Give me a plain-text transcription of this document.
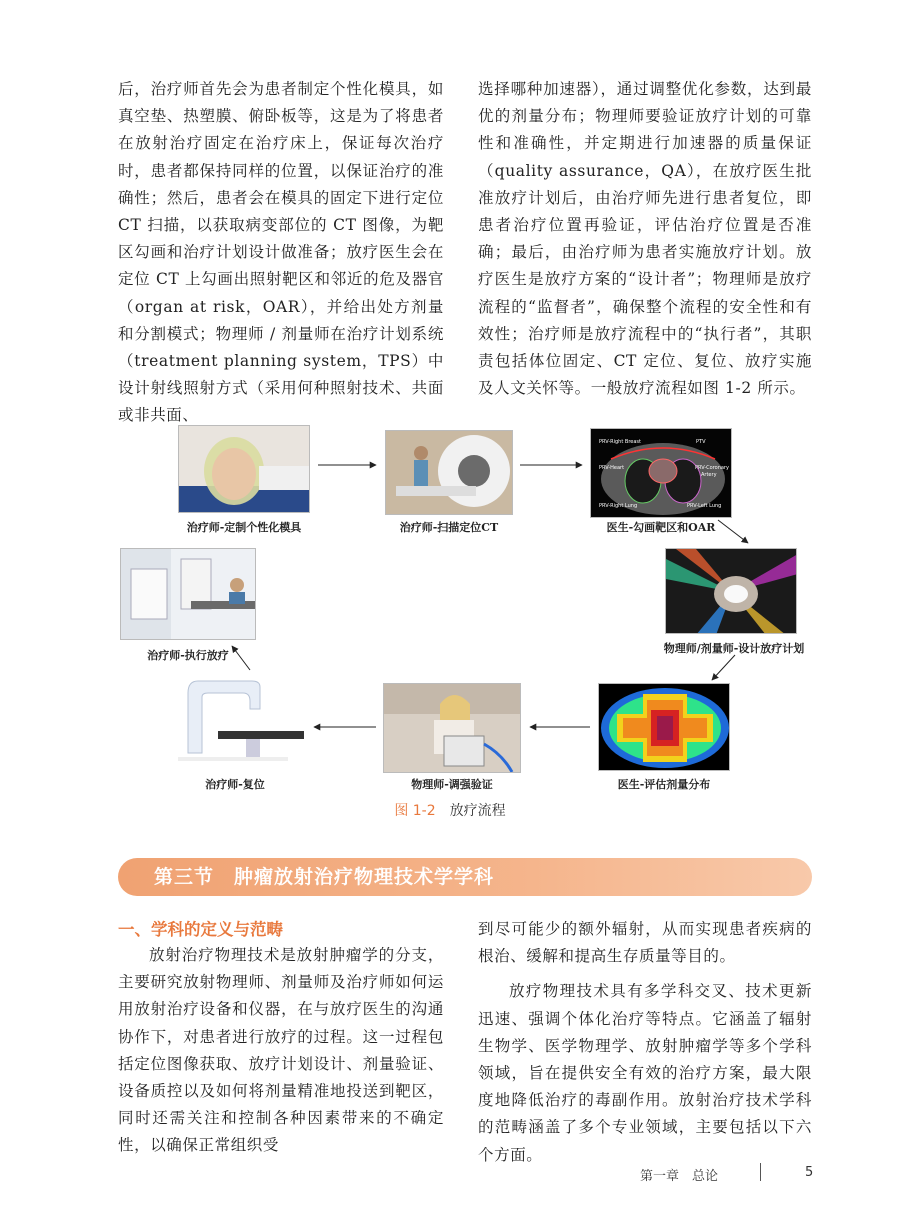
后，治疗师首先会为患者制定个性化模具，如真空垫、热塑膜、俯卧板等，这是为了将患者在放射治疗固定在治疗床上，保证每次治疗时，患者都保持同样的位置，以保证治疗的准确性；然后，患者会在模具的固定下进行定位 CT 扫描，以获取病变部位的 CT 图像，为靶区勾画和治疗计划设计做准备；放疗医生会在定位 CT 上勾画出照射靶区和邻近的危及器官（organ at risk，OAR），并给出处方剂量和分割模式；物理师 / 剂量师在治疗计划系统（treatment planning system，TPS）中设计射线照射方式（采用何种照射技术、共面或非共面、

选择哪种加速器），通过调整优化参数，达到最优的剂量分布；物理师要验证放疗计划的可靠性和准确性，并定期进行加速器的质量保证（quality assurance，QA），在放疗医生批准放疗计划后，由治疗师先进行患者复位，即患者治疗位置再验证，评估治疗位置是否准确；最后，由治疗师为患者实施放疗计划。放疗医生是放疗方案的“设计者”；物理师是放疗流程的“监督者”，确保整个流程的安全性和有效性；治疗师是放疗流程中的“执行者”，其职责包括体位固定、CT 定位、复位、放疗实施及人文关怀等。一般放疗流程如图 1-2 所示。

治疗师-定制个性化模具	治疗师-扫描定位CT
PRV-Right Breast	PTV
PRV-Heart	PRV-Coronary
Artery
PRV-Right Lung	PRV-Left Lung
医生-勾画靶区和OAR
物理师/剂量师-设计放疗计划
医生-评估剂量分布
物理师-调强验证
治疗师-复位
治疗师-执行放疗
图 1-2 放疗流程
第三节　肿瘤放射治疗物理技术学学科
一、学科的定义与范畴

放射治疗物理技术是放射肿瘤学的分支，主要研究放射物理师、剂量师及治疗师如何运用放射治疗设备和仪器，在与放疗医生的沟通协作下，对患者进行放疗的过程。这一过程包括定位图像获取、放疗计划设计、剂量验证、设备质控以及如何将剂量精准地投送到靶区，同时还需关注和控制各种因素带来的不确定性，以确保正常组织受

到尽可能少的额外辐射，从而实现患者疾病的根治、缓解和提高生存质量等目的。

放疗物理技术具有多学科交叉、技术更新迅速、强调个体化治疗等特点。它涵盖了辐射生物学、医学物理学、放射肿瘤学等多个学科领域，旨在提供安全有效的治疗方案，最大限度地降低治疗的毒副作用。放射治疗技术学科的范畴涵盖了多个专业领域，主要包括以下六个方面。

第一章　总论	5
